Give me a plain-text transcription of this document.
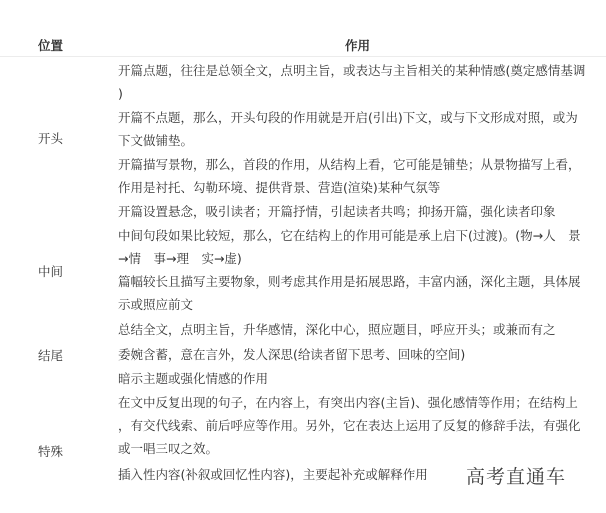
位置	作用
开头
开篇点题，往往是总领全文，点明主旨，或表达与主旨相关的某种情感(奠定感情基调
)
开篇不点题，那么，开头句段的作用就是开启(引出)下文，或与下文形成对照，或为
下文做铺垫。
开篇描写景物，那么，首段的作用，从结构上看，它可能是铺垫；从景物描写上看，
作用是衬托、勾勒环境、提供背景、营造(渲染)某种气氛等
开篇设置悬念，吸引读者；开篇抒情，引起读者共鸣；抑扬开篇，强化读者印象
中间
中间句段如果比较短，那么，它在结构上的作用可能是承上启下(过渡)。(物→人　景
→情　事→理　实→虚)
篇幅较长且描写主要物象，则考虑其作用是拓展思路，丰富内涵，深化主题，具体展
示或照应前文
结尾
总结全文，点明主旨，升华感情，深化中心，照应题目，呼应开头；或兼而有之
委婉含蓄，意在言外，发人深思(给读者留下思考、回味的空间)
暗示主题或强化情感的作用
特殊
在文中反复出现的句子，在内容上，有突出内容(主旨)、强化感情等作用；在结构上
，有交代线索、前后呼应等作用。另外，它在表达上运用了反复的修辞手法，有强化
或一唱三叹之效。
插入性内容(补叙或回忆性内容)，主要起补充或解释作用	高考直通车
